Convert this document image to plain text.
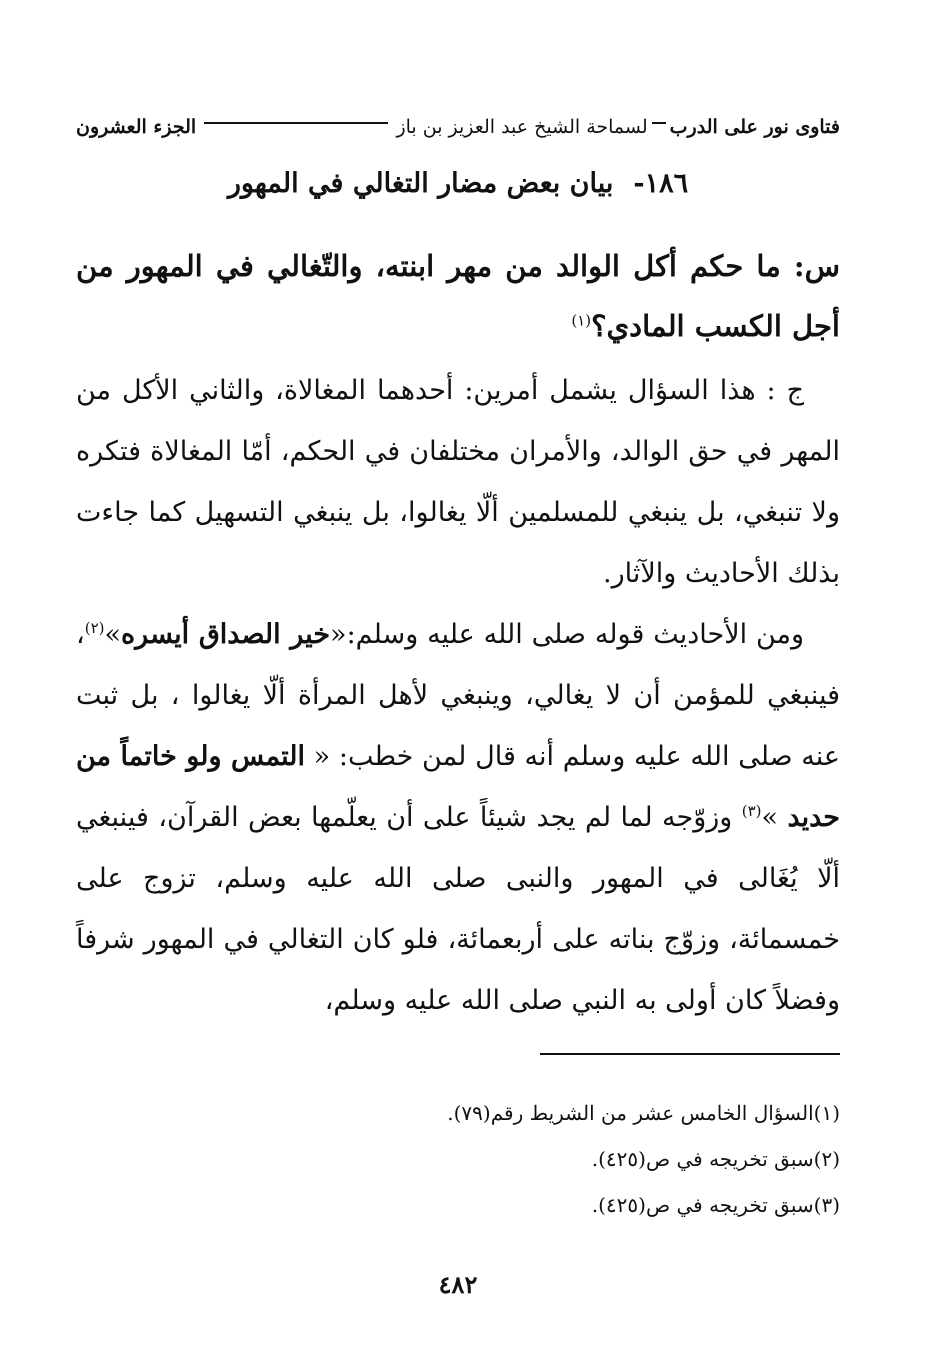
فتاوى نور على الدرب
لسماحة الشيخ عبد العزيز بن باز
الجزء العشرون
١٨٦-بيان بعض مضار التغالي في المهور

س: ما حكم أكل الوالد من مهر ابنته، والتّغالي في المهور من أجل الكسب المادي؟$^{(١)}$

ج : هذا السؤال يشمل أمرين: أحدهما المغالاة، والثاني الأكل من المهر في حق الوالد، والأمران مختلفان في الحكم، أمّا المغالاة فتكره ولا تنبغي، بل ينبغي للمسلمين ألّا يغالوا، بل ينبغي التسهيل كما جاءت بذلك الأحاديث والآثار.

ومن الأحاديث قوله صلى الله عليه وسلم:«خير الصداق أيسره»$^{(٢)}$، فينبغي للمؤمن أن لا يغالي، وينبغي لأهل المرأة ألّا يغالوا ، بل ثبت عنه صلى الله عليه وسلم أنه قال لمن خطب: « التمس ولو خاتماً من حديد »$^{(٣)}$ وزوّجه لما لم يجد شيئاً على أن يعلّمها بعض القرآن، فينبغي ألّا يُغَالى في المهور والنبى صلى الله عليه وسلم، تزوج على خمسمائة، وزوّج بناته على أربعمائة، فلو كان التغالي في المهور شرفاً وفضلاً كان أولى به النبي صلى الله عليه وسلم،

(١)السؤال الخامس عشر من الشريط رقم(٧٩).
(٢)سبق تخريجه في ص(٤٢٥).
(٣)سبق تخريجه في ص(٤٢٥).
٤٨٢
